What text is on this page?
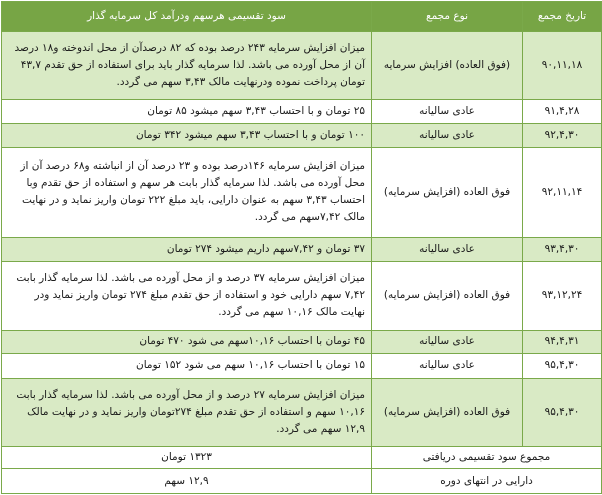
تاریخ مجمع	نوع مجمع	سود تقسیمی هرسهم ودرآمد کل سرمایه گذار
۹۰,۱۱,۱۸	(فوق العاده) افزایش سرمایه	میزان افزایش سرمایه ۲۴۳ درصد بوده که ۸۲ درصدآن از محل اندوخته و۱۸ درصد آن از محل آورده می باشد. لذا سرمایه گذار باید برای استفاده از حق تقدم ۴۳,۷ تومان پرداخت نموده ودرنهایت مالک ۳,۴۳ سهم می گردد.
۹۱,۴,۲۸	عادی سالیانه	۲۵ تومان و با احتساب ۳,۴۳ سهم میشود ۸۵ تومان
۹۲,۴,۳۰	عادی سالیانه	۱۰۰ تومان و با احتساب ۳,۴۳ سهم میشود ۳۴۲ تومان
۹۲,۱۱,۱۴	فوق العاده (افزایش سرمایه)	میزان افزایش سرمایه ۱۴۶درصد بوده و ۲۳ درصد آن از انباشته و۶۸ درصد آن از محل آورده می باشد. لذا سرمایه گذار بابت هر سهم و استفاده از حق تقدم وبا احتساب ۳,۴۳ سهم به عنوان دارایی، باید مبلغ ۲۲۲ تومان واریز نماید و در نهایت مالک ۷,۴۲سهم می گردد.
۹۳,۴,۳۰	عادی سالیانه	۳۷ تومان و ۷,۴۲سهم داریم میشود ۲۷۴ تومان
۹۳,۱۲,۲۴	فوق العاده (افزایش سرمایه)	میزان افزایش سرمایه ۳۷ درصد و از محل آورده می باشد. لذا سرمایه گذار بابت ۷,۴۲ سهم دارایی خود و استفاده از حق تقدم مبلغ ۲۷۴ تومان واریز نماید ودر نهایت مالک ۱۰,۱۶ سهم می گردد.
۹۴,۴,۳۱	عادی سالیانه	۴۵ تومان با احتساب ۱۰,۱۶سهم می شود ۴۷۰ تومان
۹۵,۴,۳۰	عادی سالیانه	۱۵ تومان با احتساب ۱۰,۱۶ سهم می شود ۱۵۲ تومان
۹۵,۴,۳۰	فوق العاده (افزایش سرمایه)	میزان افزایش سرمایه ۲۷ درصد و از محل آورده می باشد. لذا سرمایه گذار بابت ۱۰,۱۶ سهم و استفاده از حق تقدم مبلغ ۲۷۴تومان واریز نماید و در نهایت مالک ۱۲,۹ سهم می گردد.
مجموع سود تقسیمی دریافتی		۱۳۲۳ تومان
دارایی در انتهای دوره		۱۲,۹ سهم
